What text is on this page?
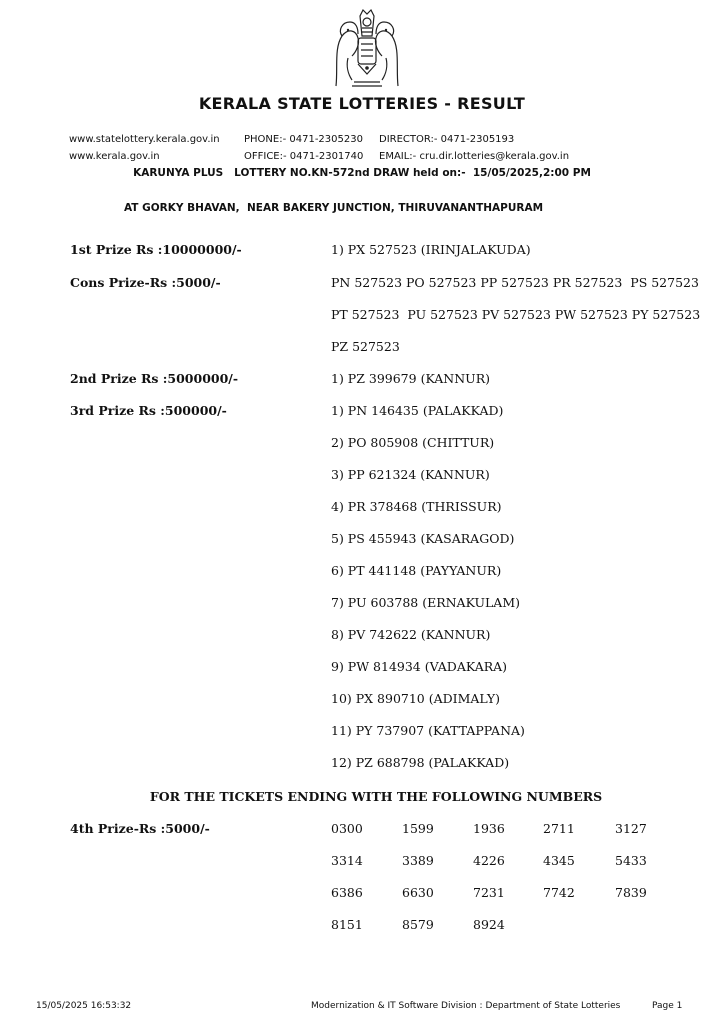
KERALA STATE LOTTERIES - RESULT
www.statelottery.kerala.gov.in PHONE:- 0471-2305230 DIRECTOR:- 0471-2305193
www.kerala.gov.in	OFFICE:- 0471-2301740 EMAIL:- cru.dir.lotteries@kerala.gov.in
KARUNYA PLUS   LOTTERY NO.KN-572nd DRAW held on:-  15/05/2025,2:00 PM
AT GORKY BHAVAN,  NEAR BAKERY JUNCTION, THIRUVANANTHAPURAM
1st Prize Rs :10000000/-	1) PX 527523 (IRINJALAKUDA)
Cons Prize-Rs :5000/-	PN 527523 PO 527523 PP 527523 PR 527523  PS 527523
PT 527523  PU 527523 PV 527523 PW 527523 PY 527523
PZ 527523
2nd Prize Rs :5000000/-	1) PZ 399679 (KANNUR)
3rd Prize Rs :500000/-	1) PN 146435 (PALAKKAD)
2) PO 805908 (CHITTUR)
3) PP 621324 (KANNUR)
4) PR 378468 (THRISSUR)
5) PS 455943 (KASARAGOD)
6) PT 441148 (PAYYANUR)
7) PU 603788 (ERNAKULAM)
8) PV 742622 (KANNUR)
9) PW 814934 (VADAKARA)
10) PX 890710 (ADIMALY)
11) PY 737907 (KATTAPPANA)
12) PZ 688798 (PALAKKAD)
FOR THE TICKETS ENDING WITH THE FOLLOWING NUMBERS
4th Prize-Rs :5000/-	0300	1599	1936	2711	3127
3314	3389	4226	4345	5433
6386	6630	7231	7742	7839
8151	8579	8924
15/05/2025 16:53:32	Modernization & IT Software Division : Department of State Lotteries	Page 1
